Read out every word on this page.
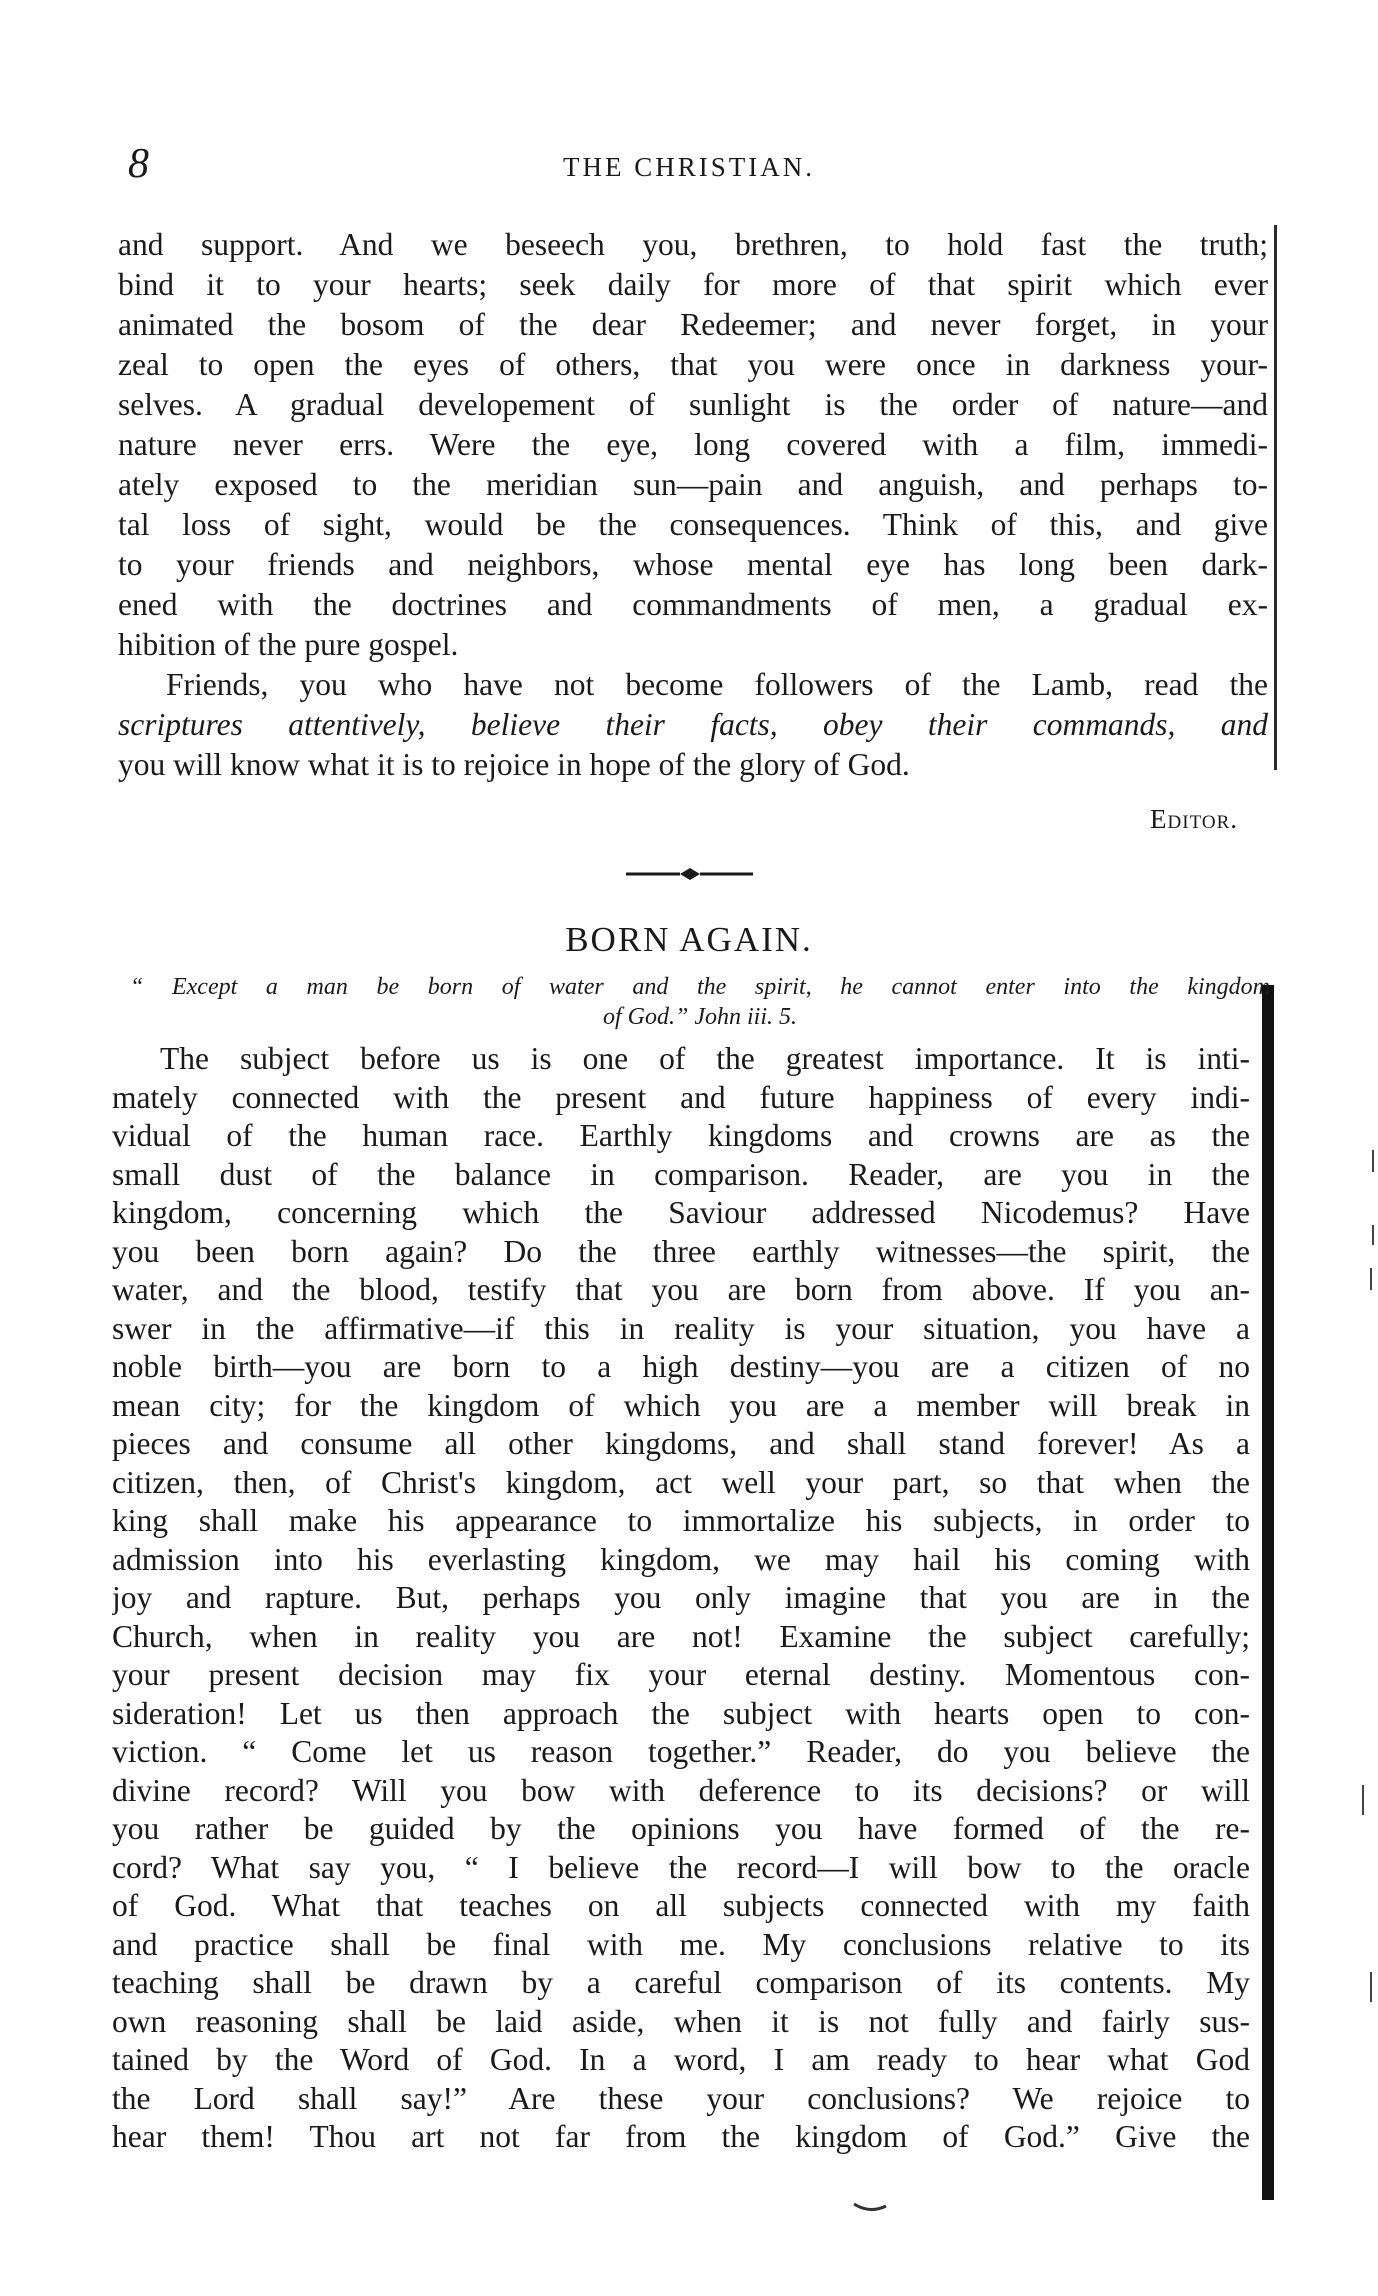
8	THE CHRISTIAN.
and support. And we beseech you, brethren, to hold fast the truth;
bind it to your hearts; seek daily for more of that spirit which ever
animated the bosom of the dear Redeemer; and never forget, in your
zeal to open the eyes of others, that you were once in darkness your-
selves. A gradual developement of sunlight is the order of nature—and
nature never errs. Were the eye, long covered with a film, immedi-
ately exposed to the meridian sun—pain and anguish, and perhaps to-
tal loss of sight, would be the consequences. Think of this, and give
to your friends and neighbors, whose mental eye has long been dark-
ened with the doctrines and commandments of men, a gradual ex-
hibition of the pure gospel.
Friends, you who have not become followers of the Lamb, read the
scriptures attentively, believe their facts, obey their commands, and
you will know what it is to rejoice in hope of the glory of God.
Editor.
BORN AGAIN.
“ Except a man be born of water and the spirit, he cannot enter into the kingdom
of God.” John iii. 5.
The subject before us is one of the greatest importance. It is inti-
mately connected with the present and future happiness of every indi-
vidual of the human race. Earthly kingdoms and crowns are as the
small dust of the balance in comparison. Reader, are you in the
kingdom, concerning which the Saviour addressed Nicodemus? Have
you been born again? Do the three earthly witnesses—the spirit, the
water, and the blood, testify that you are born from above. If you an-
swer in the affirmative—if this in reality is your situation, you have a
noble birth—you are born to a high destiny—you are a citizen of no
mean city; for the kingdom of which you are a member will break in
pieces and consume all other kingdoms, and shall stand forever! As a
citizen, then, of Christ's kingdom, act well your part, so that when the
king shall make his appearance to immortalize his subjects, in order to
admission into his everlasting kingdom, we may hail his coming with
joy and rapture. But, perhaps you only imagine that you are in the
Church, when in reality you are not! Examine the subject carefully;
your present decision may fix your eternal destiny. Momentous con-
sideration! Let us then approach the subject with hearts open to con-
viction. “ Come let us reason together.” Reader, do you believe the
divine record? Will you bow with deference to its decisions? or will
you rather be guided by the opinions you have formed of the re-
cord? What say you, “ I believe the record—I will bow to the oracle
of God. What that teaches on all subjects connected with my faith
and practice shall be final with me. My conclusions relative to its
teaching shall be drawn by a careful comparison of its contents. My
own reasoning shall be laid aside, when it is not fully and fairly sus-
tained by the Word of God. In a word, I am ready to hear what God
the Lord shall say!” Are these your conclusions? We rejoice to
hear them! Thou art not far from the kingdom of God.” Give the
